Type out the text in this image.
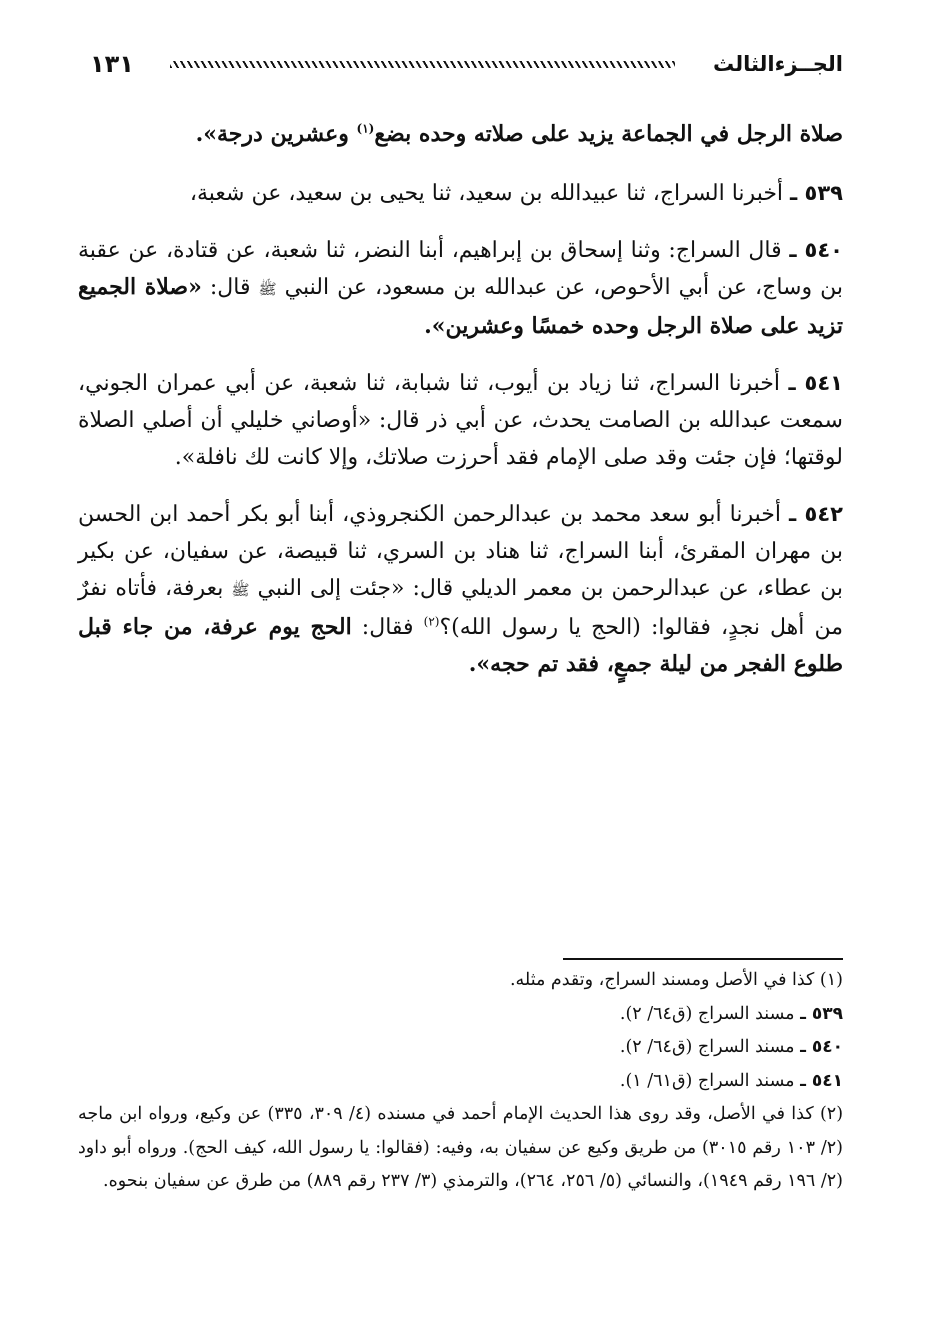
الجــزءالثالث
١٣١

صلاة الرجل في الجماعة يزيد على صلاته وحده بضع$^{(١)}$ وعشرين درجة».

٥٣٩ ـ أخبرنا السراج، ثنا عبيدالله بن سعيد، ثنا يحيى بن سعيد، عن شعبة،

٥٤٠ ـ قال السراج: وثنا إسحاق بن إبراهيم، أبنا النضر، ثنا شعبة، عن قتادة، عن عقبة بن وساج، عن أبي الأحوص، عن عبدالله بن مسعود، عن النبي ﷺ قال: «صلاة الجميع تزيد على صلاة الرجل وحده خمسًا وعشرين».

٥٤١ ـ أخبرنا السراج، ثنا زياد بن أيوب، ثنا شبابة، ثنا شعبة، عن أبي عمران الجوني، سمعت عبدالله بن الصامت يحدث، عن أبي ذر قال: «أوصاني خليلي أن أصلي الصلاة لوقتها؛ فإن جئت وقد صلى الإمام فقد أحرزت صلاتك، وإلا كانت لك نافلة».

٥٤٢ ـ أخبرنا أبو سعد محمد بن عبدالرحمن الكنجروذي، أبنا أبو بكر أحمد ابن الحسن بن مهران المقرئ، أبنا السراج، ثنا هناد بن السري، ثنا قبيصة، عن سفيان، عن بكير بن عطاء، عن عبدالرحمن بن معمر الديلي قال: «جئت إلى النبي ﷺ بعرفة، فأتاه نفرٌ من أهل نجدٍ، فقالوا: (الحج يا رسول الله)؟$^{(٢)}$ فقال: الحج يوم عرفة، من جاء قبل طلوع الفجر من ليلة جمعٍ، فقد تم حجه».

(١) كذا في الأصل ومسند السراج، وتقدم مثله.

٥٣٩ ـ مسند السراج (ق٦٤/ ٢).

٥٤٠ ـ مسند السراج (ق٦٤/ ٢).

٥٤١ ـ مسند السراج (ق٦١/ ١).

(٢) كذا في الأصل، وقد روى هذا الحديث الإمام أحمد في مسنده (٤/ ٣٠٩، ٣٣٥) عن وكيع، ورواه ابن ماجه (٢/ ١٠٣ رقم ٣٠١٥) من طريق وكيع عن سفيان به، وفيه: (فقالوا: يا رسول الله، كيف الحج). ورواه أبو داود (٢/ ١٩٦ رقم ١٩٤٩)، والنسائي (٥/ ٢٥٦، ٢٦٤)، والترمذي (٣/ ٢٣٧ رقم ٨٨٩) من طرق عن سفيان بنحوه.
